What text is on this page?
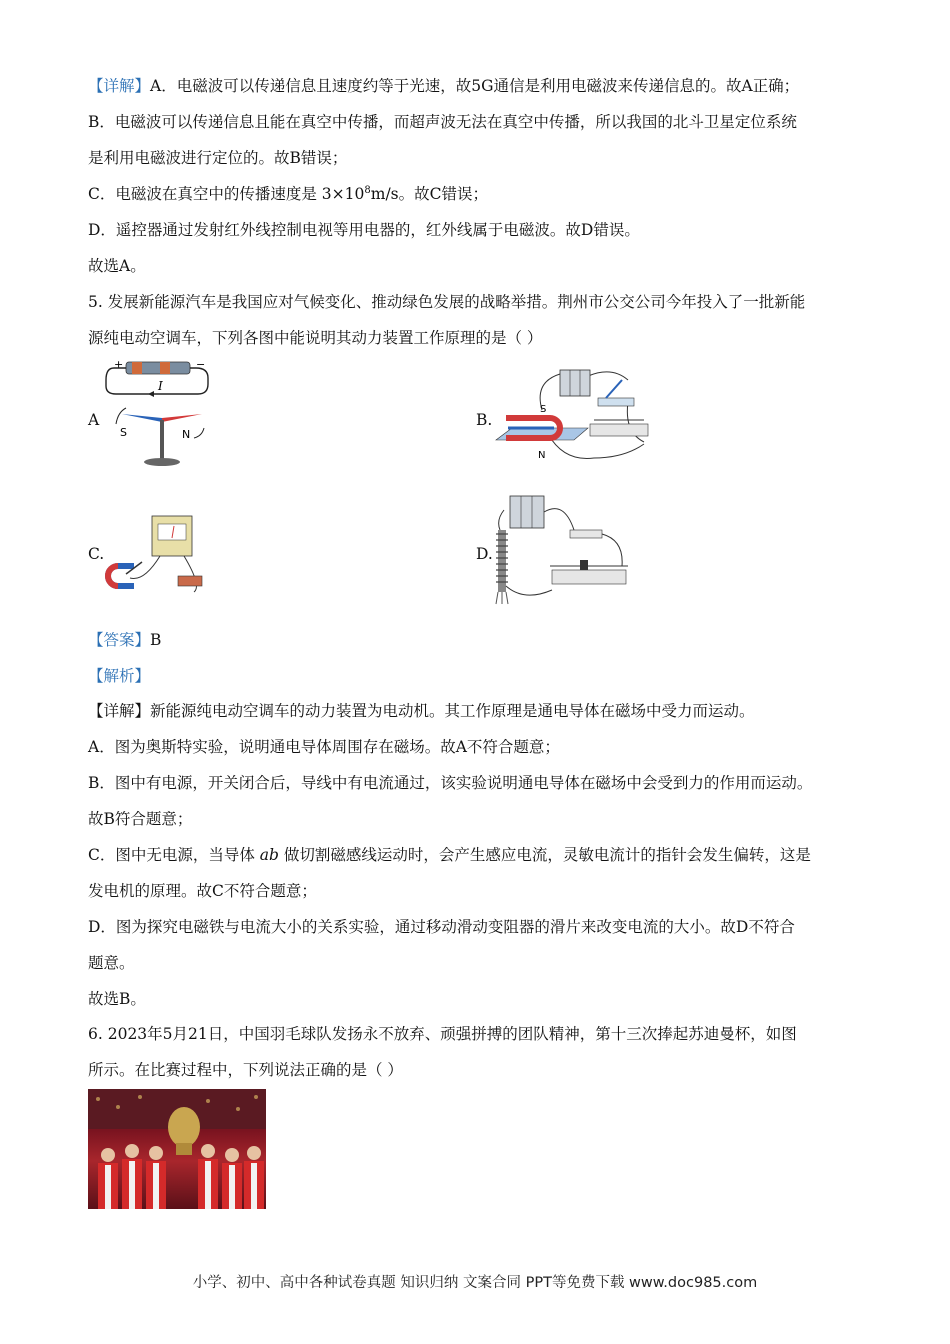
【详解】A．电磁波可以传递信息且速度约等于光速，故5G通信是利用电磁波来传递信息的。故A正确；
B．电磁波可以传递信息且能在真空中传播，而超声波无法在真空中传播，所以我国的北斗卫星定位系统
是利用电磁波进行定位的。故B错误；
C．电磁波在真空中的传播速度是 $3\times 10^8m/s$。故C错误；
D．遥控器通过发射红外线控制电视等用电器的，红外线属于电磁波。故D错误。
故选A。
5. 发展新能源汽车是我国应对气候变化、推动绿色发展的战略举措。荆州市公交公司今年投入了一批新能
源纯电动空调车，下列各图中能说明其动力装置工作原理的是（ ）
A
+	−
I
S	N
B.
S
N
C.	D.
【答案】B
【解析】
【详解】新能源纯电动空调车的动力装置为电动机。其工作原理是通电导体在磁场中受力而运动。
A．图为奥斯特实验，说明通电导体周围存在磁场。故A不符合题意；
B．图中有电源，开关闭合后，导线中有电流通过，该实验说明通电导体在磁场中会受到力的作用而运动。
故B符合题意；
C．图中无电源，当导体 ab 做切割磁感线运动时，会产生感应电流，灵敏电流计的指针会发生偏转，这是
发电机的原理。故C不符合题意；
D．图为探究电磁铁与电流大小的关系实验，通过移动滑动变阻器的滑片来改变电流的大小。故D不符合
题意。
故选B。
6. 2023年5月21日，中国羽毛球队发扬永不放弃、顽强拼搏的团队精神，第十三次捧起苏迪曼杯，如图
所示。在比赛过程中，下列说法正确的是（ ）
小学、初中、高中各种试卷真题 知识归纳 文案合同 PPT等免费下载 www.doc985.com
